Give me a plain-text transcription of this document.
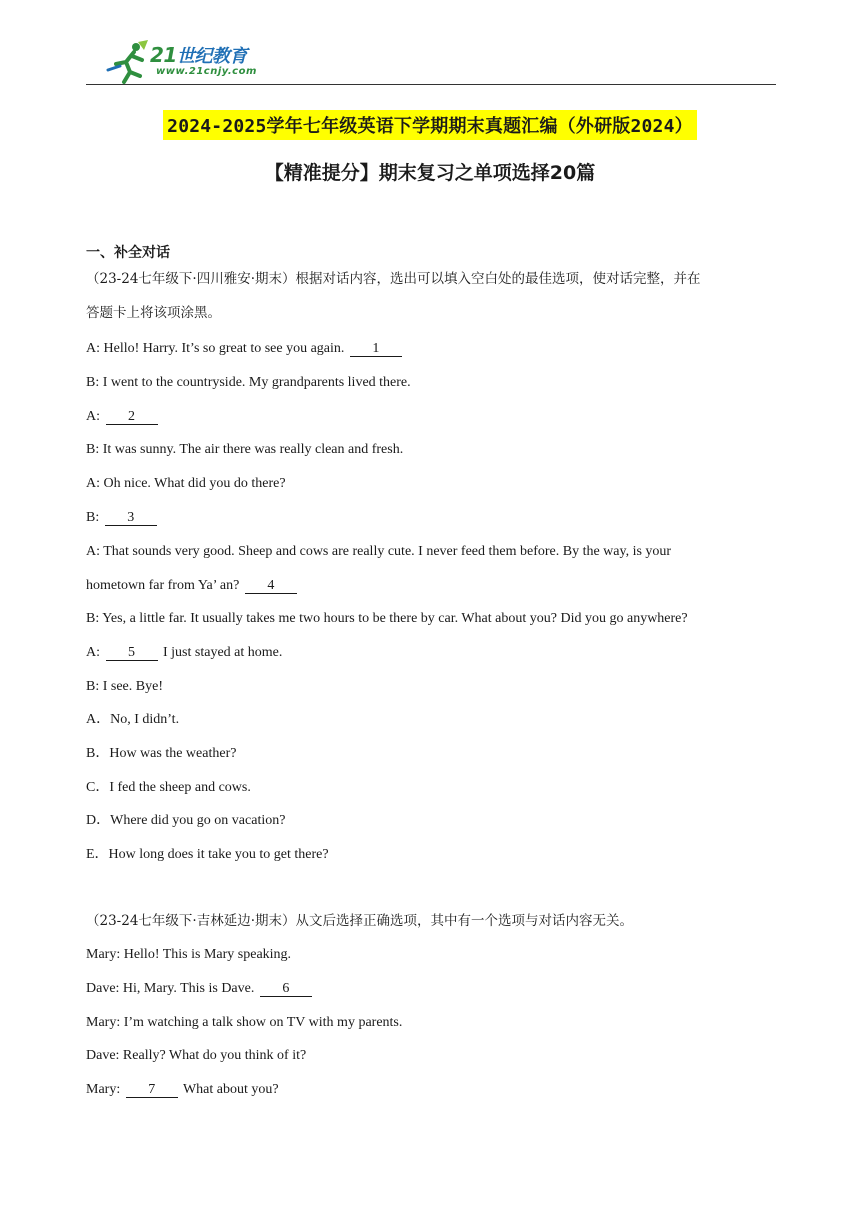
21世纪教育
www.21cnjy.com
2024-2025学年七年级英语下学期期末真题汇编（外研版2024）
【精准提分】期末复习之单项选择20篇
一、补全对话
（23-24七年级下·四川雅安·期末）根据对话内容，选出可以填入空白处的最佳选项，使对话完整，并在
答题卡上将该项涂黑。
A: Hello! Harry. It’s so great to see you again. 1
B: I went to the countryside. My grandparents lived there.
A: 2
B: It was sunny. The air there was really clean and fresh.
A: Oh nice. What did you do there?
B: 3
A: That sounds very good. Sheep and cows are really cute. I never feed them before. By the way, is your
hometown far from Ya’ an? 4
B: Yes, a little far. It usually takes me two hours to be there by car. What about you? Did you go anywhere?
A: 5 I just stayed at home.
B: I see. Bye!
A．No, I didn’t.
B．How was the weather?
C．I fed the sheep and cows.
D．Where did you go on vacation?
E．How long does it take you to get there?
（23-24七年级下·吉林延边·期末）从文后选择正确选项，其中有一个选项与对话内容无关。
Mary: Hello! This is Mary speaking.
Dave: Hi, Mary. This is Dave. 6
Mary: I’m watching a talk show on TV with my parents.
Dave: Really? What do you think of it?
Mary: 7 What about you?
